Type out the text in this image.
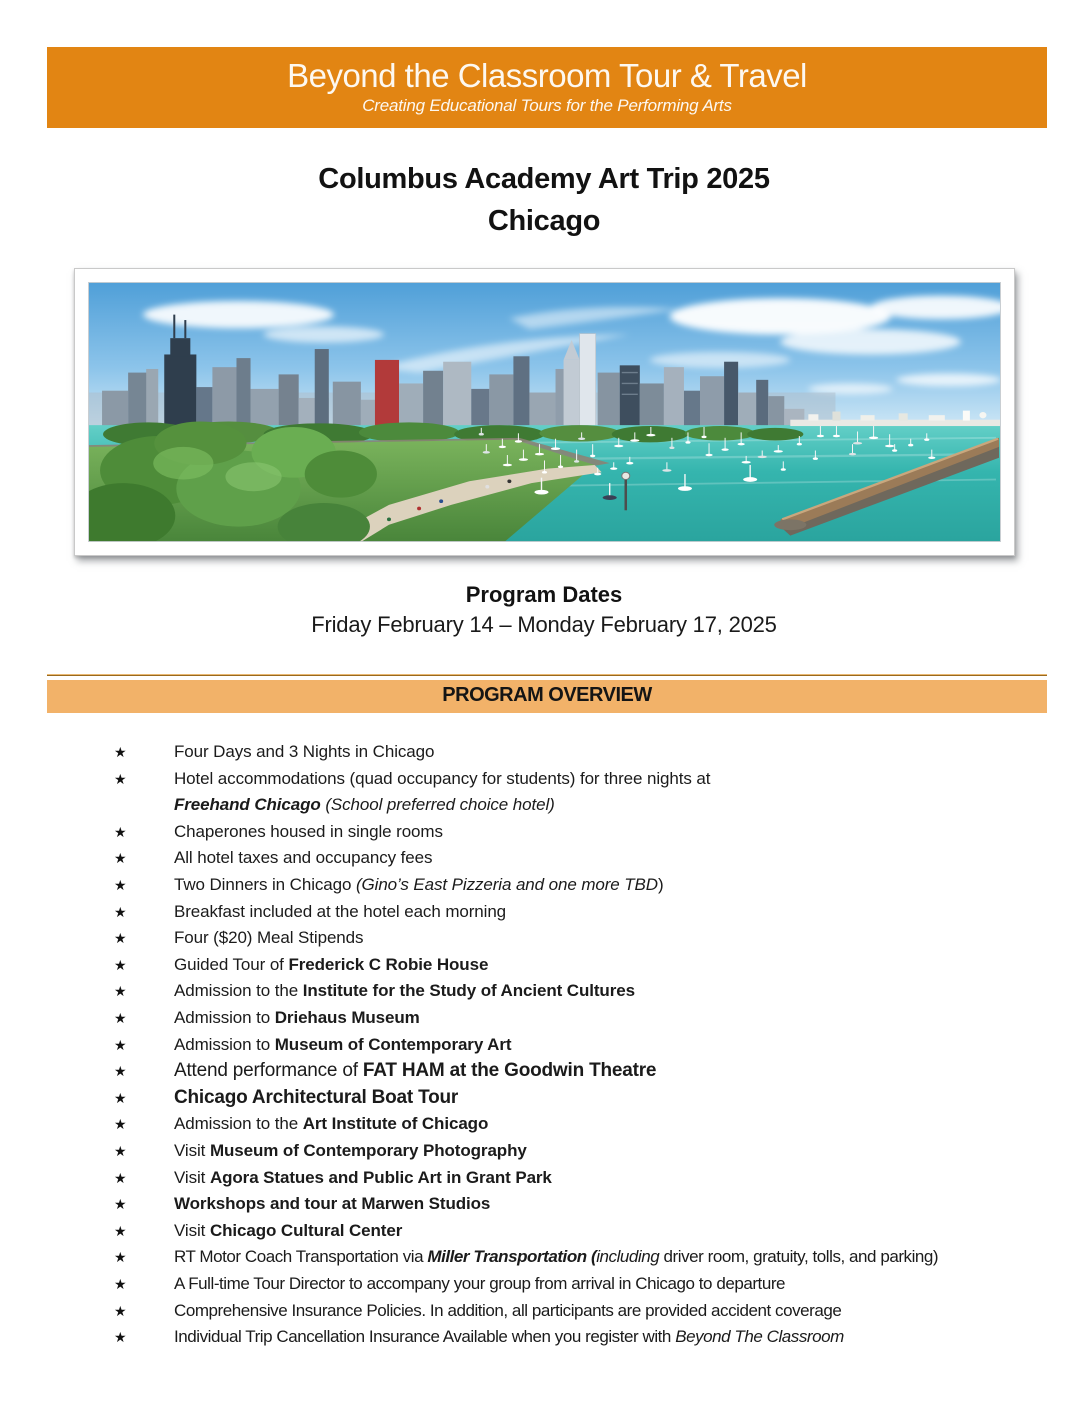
Beyond the Classroom Tour & Travel
Creating Educational Tours for the Performing Arts
Columbus Academy Art Trip 2025
Chicago
Program Dates
Friday February 14 – Monday February 17, 2025
PROGRAM OVERVIEW
★	Four Days and 3 Nights in Chicago
★	Hotel accommodations (quad occupancy for students) for three nights at
Freehand Chicago (School preferred choice hotel)
★	Chaperones housed in single rooms
★	All hotel taxes and occupancy fees
★	Two Dinners in Chicago (Gino’s East Pizzeria and one more TBD)
★	Breakfast included at the hotel each morning
★	Four ($20) Meal Stipends
★	Guided Tour of Frederick C Robie House
★	Admission to the Institute for the Study of Ancient Cultures
★	Admission to Driehaus Museum
★	Admission to Museum of Contemporary Art
★	Attend performance of FAT HAM at the Goodwin Theatre
★	Chicago Architectural Boat Tour
★	Admission to the Art Institute of Chicago
★	Visit Museum of Contemporary Photography
★	Visit Agora Statues and Public Art in Grant Park
★	Workshops and tour at Marwen Studios
★	Visit Chicago Cultural Center
★	RT Motor Coach Transportation via Miller Transportation (including driver room, gratuity, tolls, and parking)
★	A Full-time Tour Director to accompany your group from arrival in Chicago to departure
★	Comprehensive Insurance Policies. In addition, all participants are provided accident coverage
★	Individual Trip Cancellation Insurance Available when you register with Beyond The Classroom
